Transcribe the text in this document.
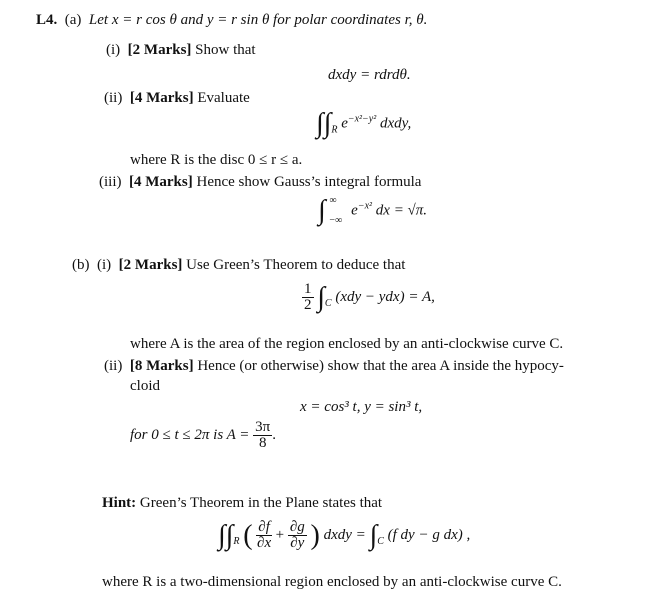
L4. (a) Let x = r cos θ and y = r sin θ for polar coordinates r, θ.
(i) [2 Marks] Show that
dxdy = rdrdθ.
(ii) [4 Marks] Evaluate
$\int\int_R$ $e^{-x^2-y^2}$ dxdy,
where R is the disc 0 ≤ r ≤ a.
(iii) [4 Marks] Hence show Gauss’s integral formula
∫ ∞
−∞
$e^{-x^2}$ dx = √π.
(b) (i) [2 Marks] Use Green’s Theorem to deduce that
$\frac{1}{2} \int_C$ (xdy − ydx) = A,
where A is the area of the region enclosed by an anti-clockwise curve C.
(ii) [8 Marks] Hence (or otherwise) show that the area A inside the hypocy-
cloid
x = cos³ t, y = sin³ t,
for 0 ≤ t ≤ 2π is $A = \frac{3\pi}{8}$ .
Hint: Green’s Theorem in the Plane states that
$\int\int_R$ ( $\frac{\partial f}{\partial x} + \frac{\partial g}{\partial y}$ ) dxdy = $\int_C$ (f dy − g dx) ,
where R is a two-dimensional region enclosed by an anti-clockwise curve C.
